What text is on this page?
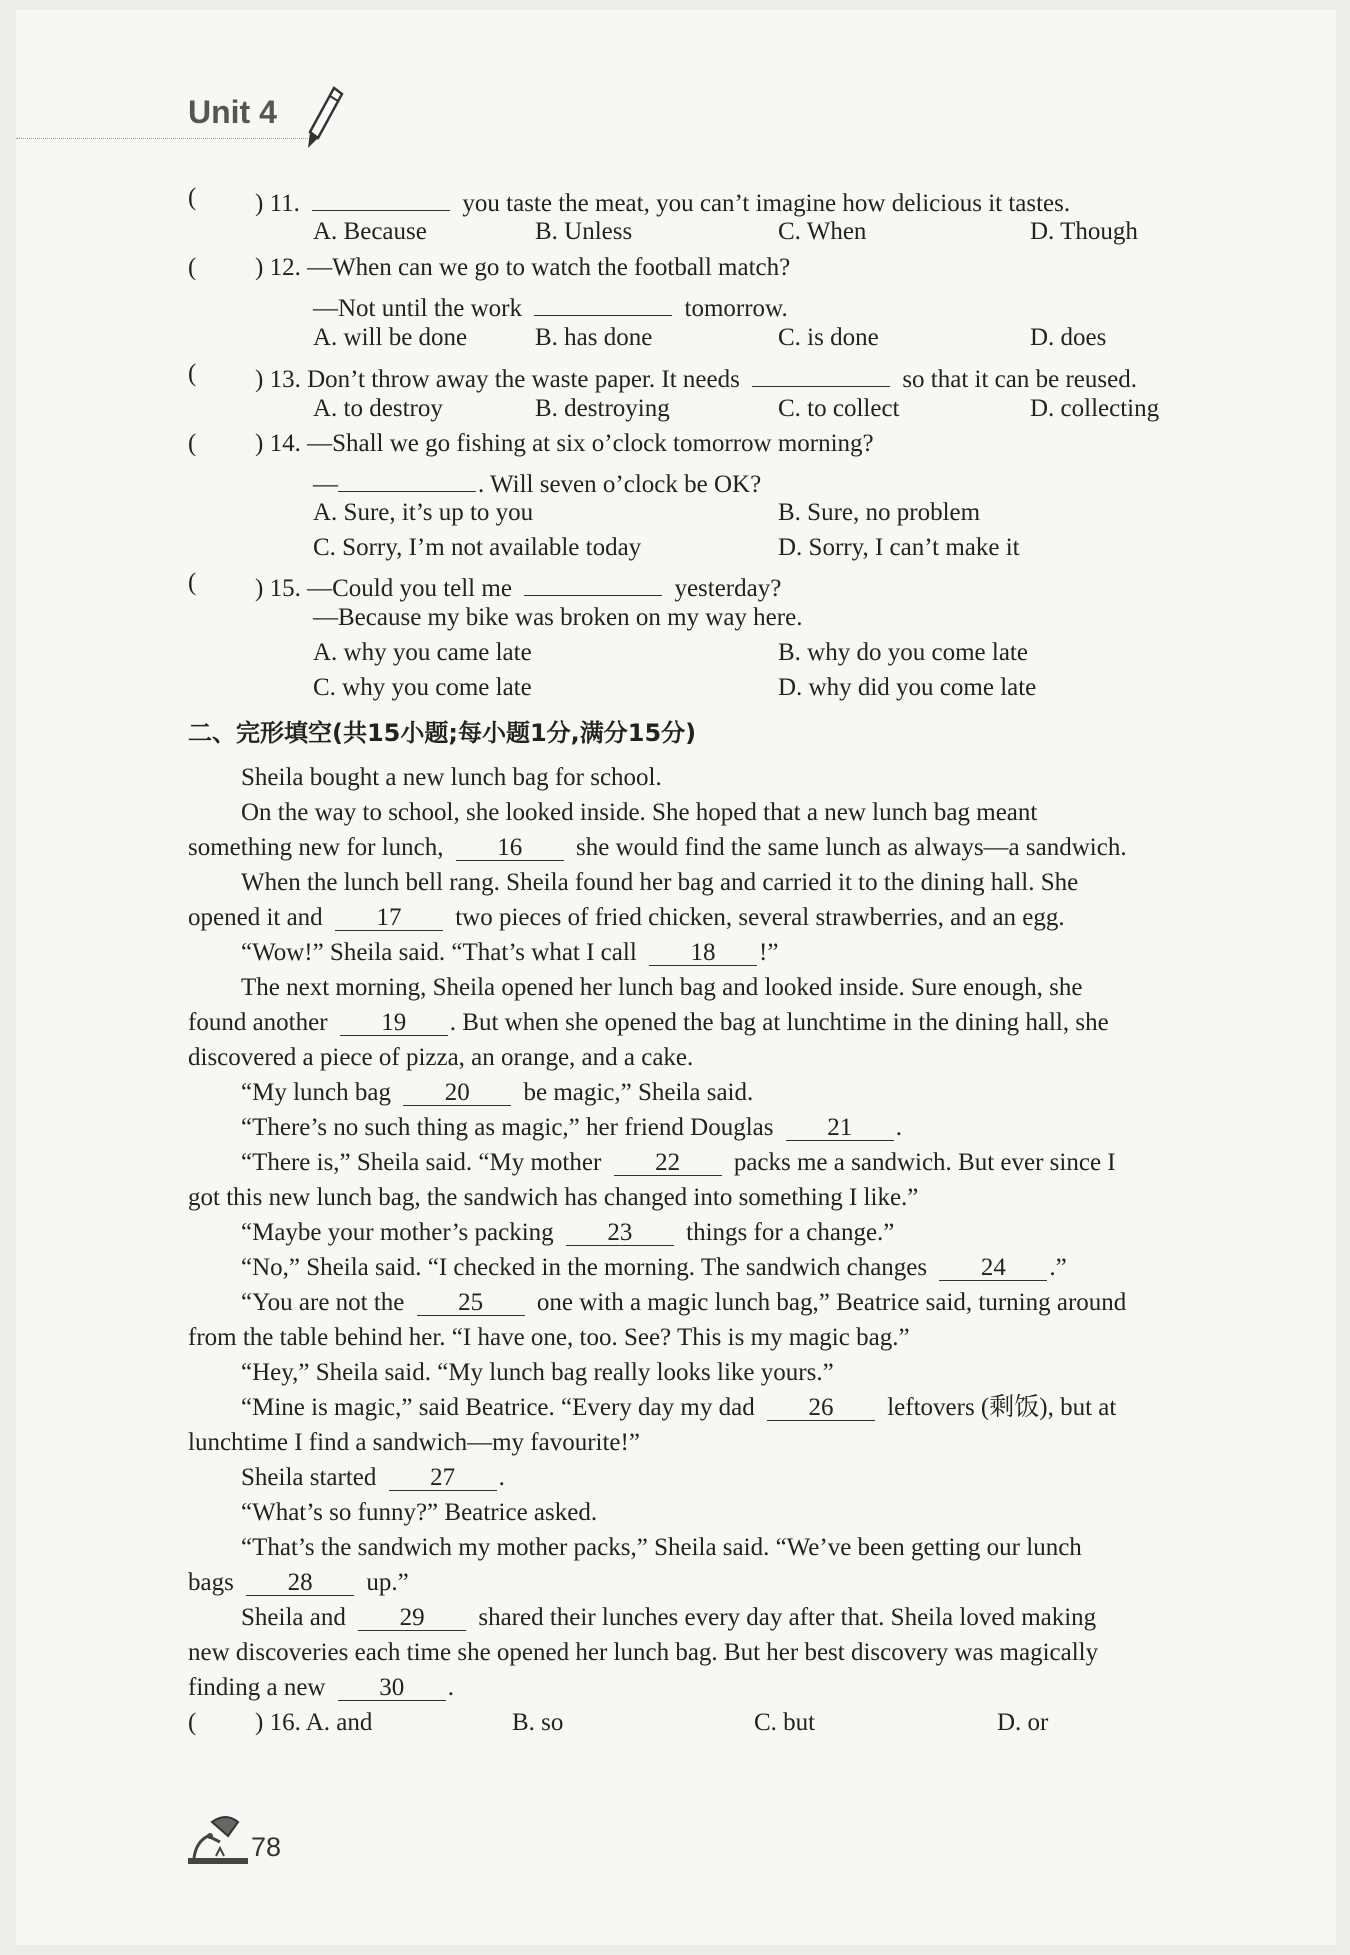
Unit 4
( ) 11.	you taste the meat, you can’t imagine how delicious it tastes.
A. Because	B. Unless	C. When	D. Though
( ) 12. —When can we go to watch the football match?
—Not until the work	tomorrow.
A. will be done	B. has done	C. is done	D. does
( ) 13. Don’t throw away the waste paper. It needs	so that it can be reused.
A. to destroy	B. destroying	C. to collect	D. collecting
( ) 14. —Shall we go fishing at six o’clock tomorrow morning?
—	. Will seven o’clock be OK?
A. Sure, it’s up to you	B. Sure, no problem
C. Sorry, I’m not available today	D. Sorry, I can’t make it
( ) 15. —Could you tell me	yesterday?
—Because my bike was broken on my way here.
A. why you came late	B. why do you come late
C. why you come late	D. why did you come late
二、完形填空(共15小题;每小题1分,满分15分)
Sheila bought a new lunch bag for school.
On the way to school, she looked inside. She hoped that a new lunch bag meant
something new for lunch, 16 she would find the same lunch as always—a sandwich.
When the lunch bell rang. Sheila found her bag and carried it to the dining hall. She
opened it and 17 two pieces of fried chicken, several strawberries, and an egg.
“Wow!” Sheila said. “That’s what I call 18 !”
The next morning, Sheila opened her lunch bag and looked inside. Sure enough, she
found another 19 . But when she opened the bag at lunchtime in the dining hall, she
discovered a piece of pizza, an orange, and a cake.
“My lunch bag 20 be magic,” Sheila said.
“There’s no such thing as magic,” her friend Douglas 21 .
“There is,” Sheila said. “My mother 22 packs me a sandwich. But ever since I
got this new lunch bag, the sandwich has changed into something I like.”
“Maybe your mother’s packing 23 things for a change.”
“No,” Sheila said. “I checked in the morning. The sandwich changes 24 .”
“You are not the 25 one with a magic lunch bag,” Beatrice said, turning around
from the table behind her. “I have one, too. See? This is my magic bag.”
“Hey,” Sheila said. “My lunch bag really looks like yours.”
“Mine is magic,” said Beatrice. “Every day my dad 26 leftovers (剩饭), but at
lunchtime I find a sandwich—my favourite!”
Sheila started 27 .
“What’s so funny?” Beatrice asked.
“That’s the sandwich my mother packs,” Sheila said. “We’ve been getting our lunch
bags 28 up.”
Sheila and 29 shared their lunches every day after that. Sheila loved making
new discoveries each time she opened her lunch bag. But her best discovery was magically
finding a new 30 .
( ) 16. A. and	B. so	C. but	D. or
78
